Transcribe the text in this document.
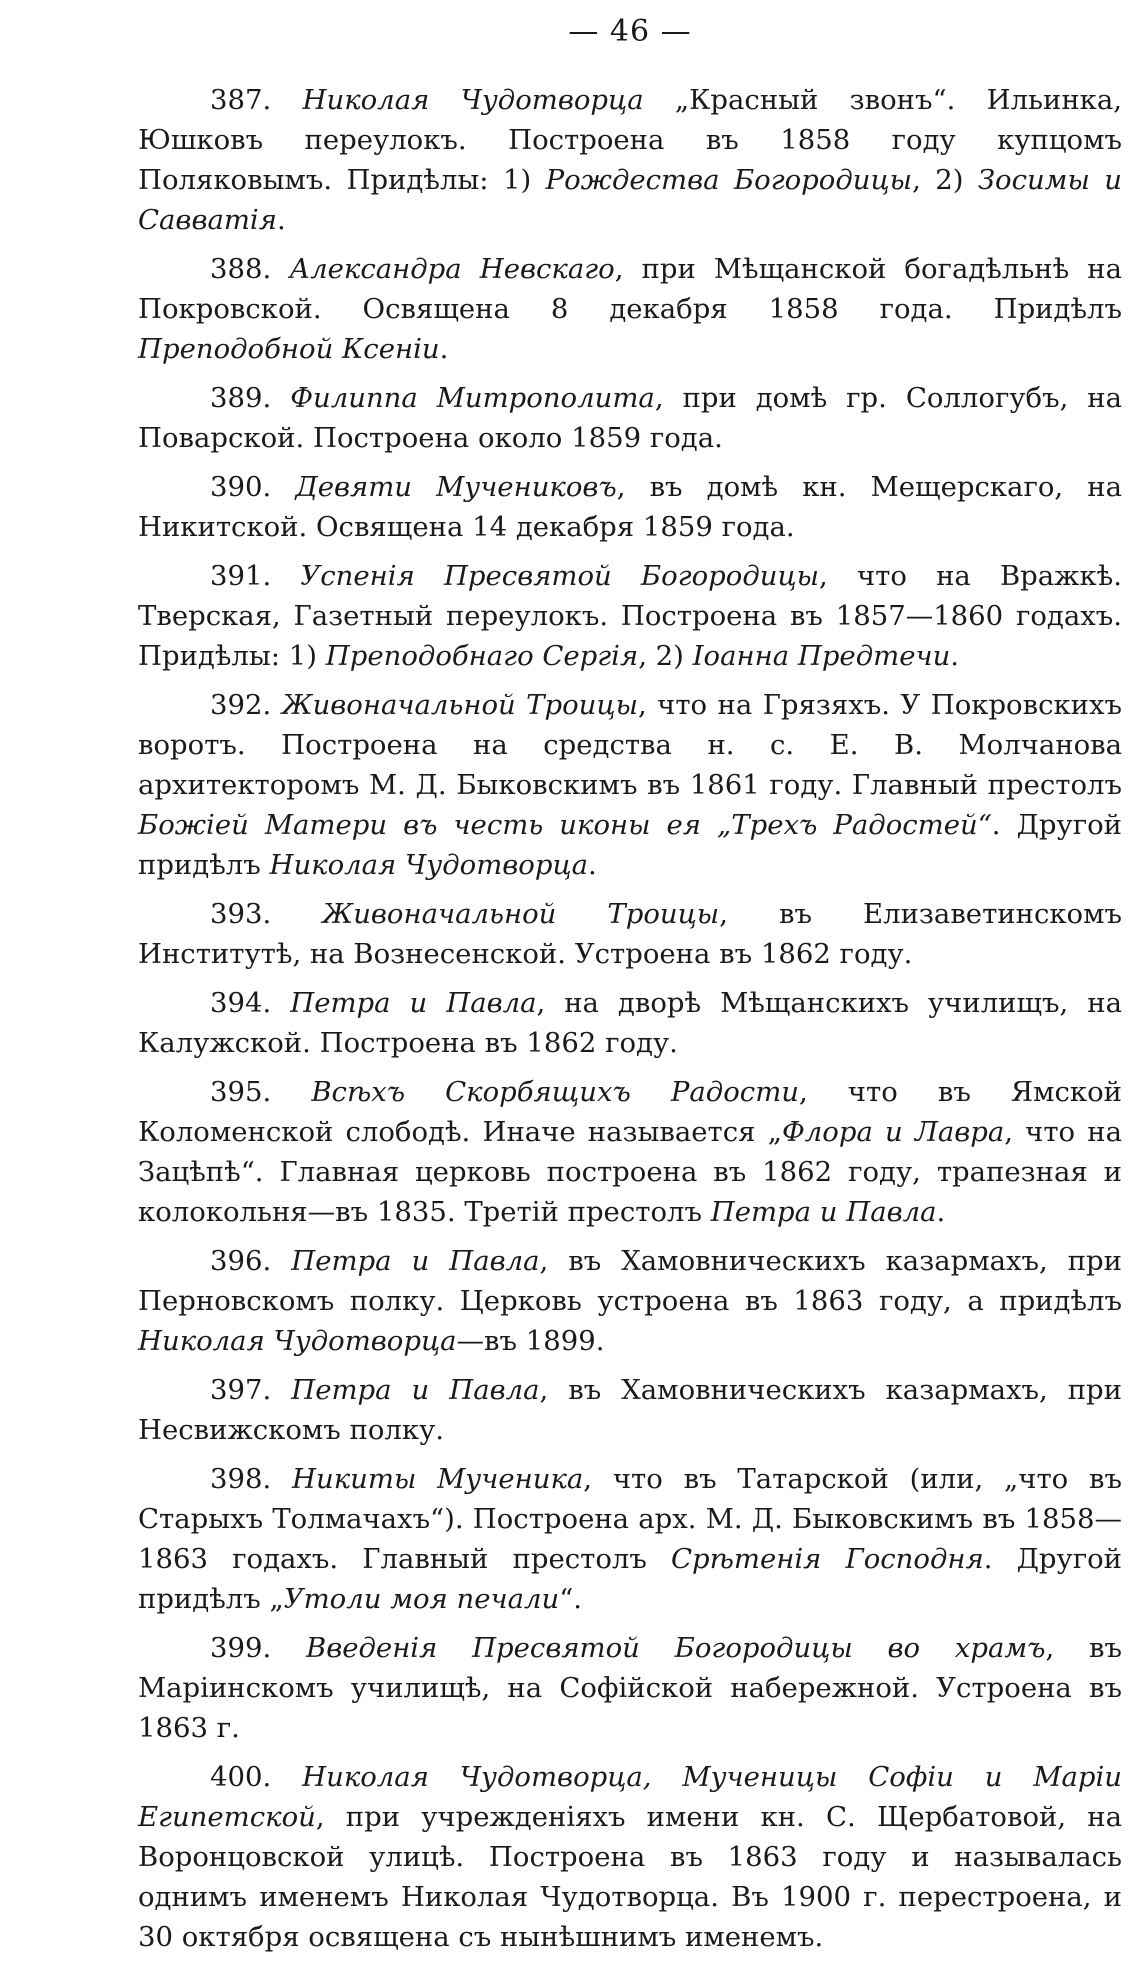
— 46 —

387. Николая Чудотворца „Красный звонъ“. Ильинка, Юшковъ переулокъ. Построена въ 1858 году купцомъ Поляковымъ. Придѣлы: 1) Рождества Богородицы, 2) Зосимы и Савватія.

388. Александра Невскаго, при Мѣщанской богадѣльнѣ на Покровской. Освящена 8 декабря 1858 года. Придѣлъ Преподобной Ксеніи.

389. Филиппа Митрополита, при домѣ гр. Соллогубъ, на Поварской. Построена около 1859 года.

390. Девяти Мучениковъ, въ домѣ кн. Мещерскаго, на Никитской. Освящена 14 декабря 1859 года.

391. Успенія Пресвятой Богородицы, что на Вражкѣ. Тверская, Газетный переулокъ. Построена въ 1857—1860 годахъ. Придѣлы: 1) Преподобнаго Сергія, 2) Іоанна Предтечи.

392. Живоначальной Троицы, что на Грязяхъ. У Покровскихъ воротъ. Построена на средства н. с. Е. В. Молчанова архитекторомъ М. Д. Быковскимъ въ 1861 году. Главный престолъ Божіей Матери въ честь иконы ея „Трехъ Радостей“. Другой придѣлъ Николая Чудотворца.

393. Живоначальной Троицы, въ Елизаветинскомъ Институтѣ, на Вознесенской. Устроена въ 1862 году.

394. Петра и Павла, на дворѣ Мѣщанскихъ училищъ, на Калужской. Построена въ 1862 году.

395. Всѣхъ Скорбящихъ Радости, что въ Ямской Коломенской слободѣ. Иначе называется „Флора и Лавра, что на Зацѣпѣ“. Главная церковь построена въ 1862 году, трапезная и колокольня—въ 1835. Третій престолъ Петра и Павла.

396. Петра и Павла, въ Хамовническихъ казармахъ, при Перновскомъ полку. Церковь устроена въ 1863 году, а придѣлъ Николая Чудотворца—въ 1899.

397. Петра и Павла, въ Хамовническихъ казармахъ, при Несвижскомъ полку.

398. Никиты Мученика, что въ Татарской (или, „что въ Старыхъ Толмачахъ“). Построена арх. М. Д. Быковскимъ въ 1858—1863 годахъ. Главный престолъ Срѣтенія Господня. Другой придѣлъ „Утоли моя печали“.

399. Введенія Пресвятой Богородицы во храмъ, въ Маріинскомъ училищѣ, на Софійской набережной. Устроена въ 1863 г.

400. Николая Чудотворца, Мученицы Софіи и Маріи Египетской, при учрежденіяхъ имени кн. С. Щербатовой, на Воронцовской улицѣ. Построена въ 1863 году и называлась однимъ именемъ Николая Чудотворца. Въ 1900 г. перестроена, и 30 октября освящена съ нынѣшнимъ именемъ.
